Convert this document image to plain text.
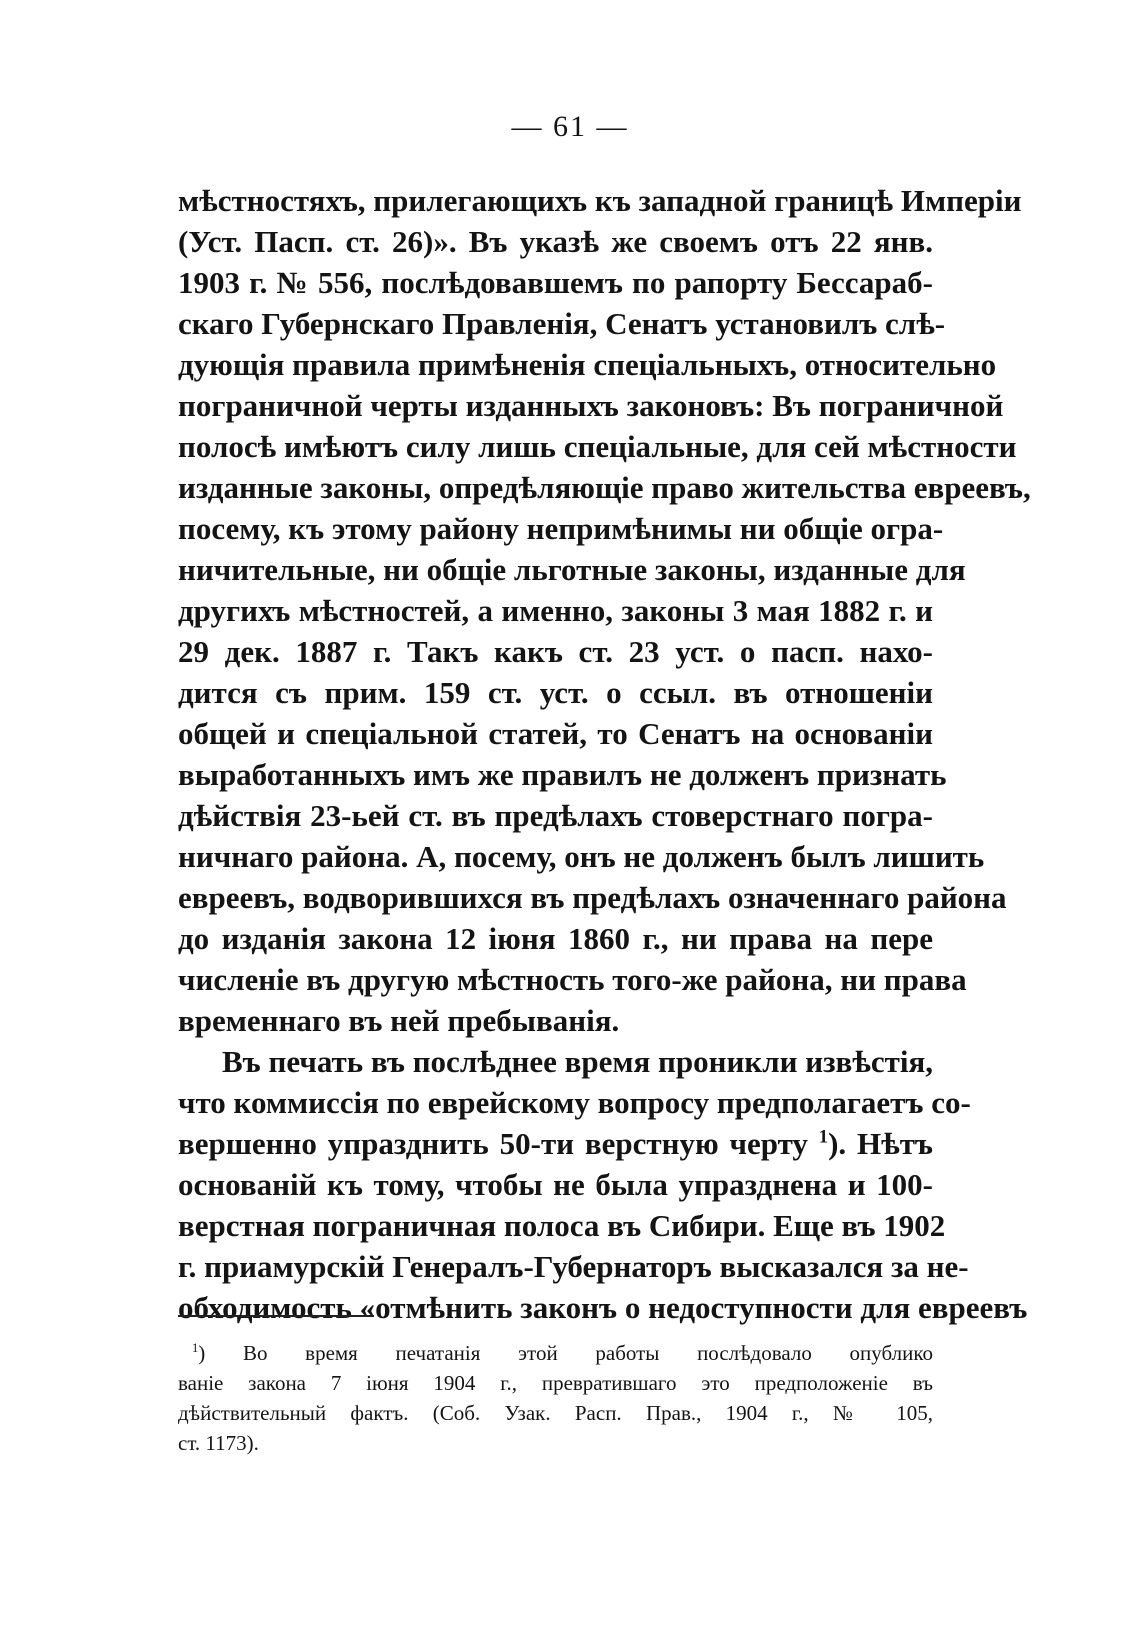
— 61 —
мѣстностяхъ, прилегающихъ къ западной границѣ Имперіи
(Уст. Пасп. ст. 26)». Въ указѣ же своемъ отъ 22 янв.
1903 г. № 556, послѣдовавшемъ по рапорту Бессараб-
скаго Губернскаго Правленія, Сенатъ установилъ слѣ-
дующія правила примѣненія спеціальныхъ, относительно
пограничной черты изданныхъ законовъ: Въ пограничной
полосѣ имѣютъ силу лишь спеціальные, для сей мѣстности
изданные законы, опредѣляющіе право жительства евреевъ,
посему, къ этому району непримѣнимы ни общіе огра-
ничительные, ни общіе льготные законы, изданные для
другихъ мѣстностей, а именно, законы 3 мая 1882 г. и
29 дек. 1887 г. Такъ какъ ст. 23 уст. о пасп. нахо-
дится съ прим. 159 ст. уст. о ссыл. въ отношеніи
общей и спеціальной статей, то Сенатъ на основаніи
выработанныхъ имъ же правилъ не долженъ признать
дѣйствія 23-ьей ст. въ предѣлахъ стоверстнаго погра-
ничнаго района. А, посему, онъ не долженъ былъ лишить
евреевъ, водворившихся въ предѣлахъ означеннаго района
до изданія закона 12 іюня 1860 г., ни права на пере
численіе въ другую мѣстность того-же района, ни права
временнаго въ ней пребыванія.
Въ печать въ послѣднее время проникли извѣстія,
что коммиссія по еврейскому вопросу предполагаетъ со-
вершенно упразднить 50-ти верстную черту $^1$). Нѣтъ
основаній къ тому, чтобы не была упразднена и 100-
верстная пограничная полоса въ Сибири. Еще въ 1902
г. приамурскій Генералъ-Губернаторъ высказался за не-
обходимость «отмѣнить законъ о недоступности для евреевъ
$^1$) Во время печатанія этой работы послѣдовало опублико
ваніе закона 7 іюня 1904 г., превратившаго это предположеніе въ
дѣйствительный фактъ. (Соб. Узак. Расп. Прав., 1904 г., № 105,
ст. 1173).
